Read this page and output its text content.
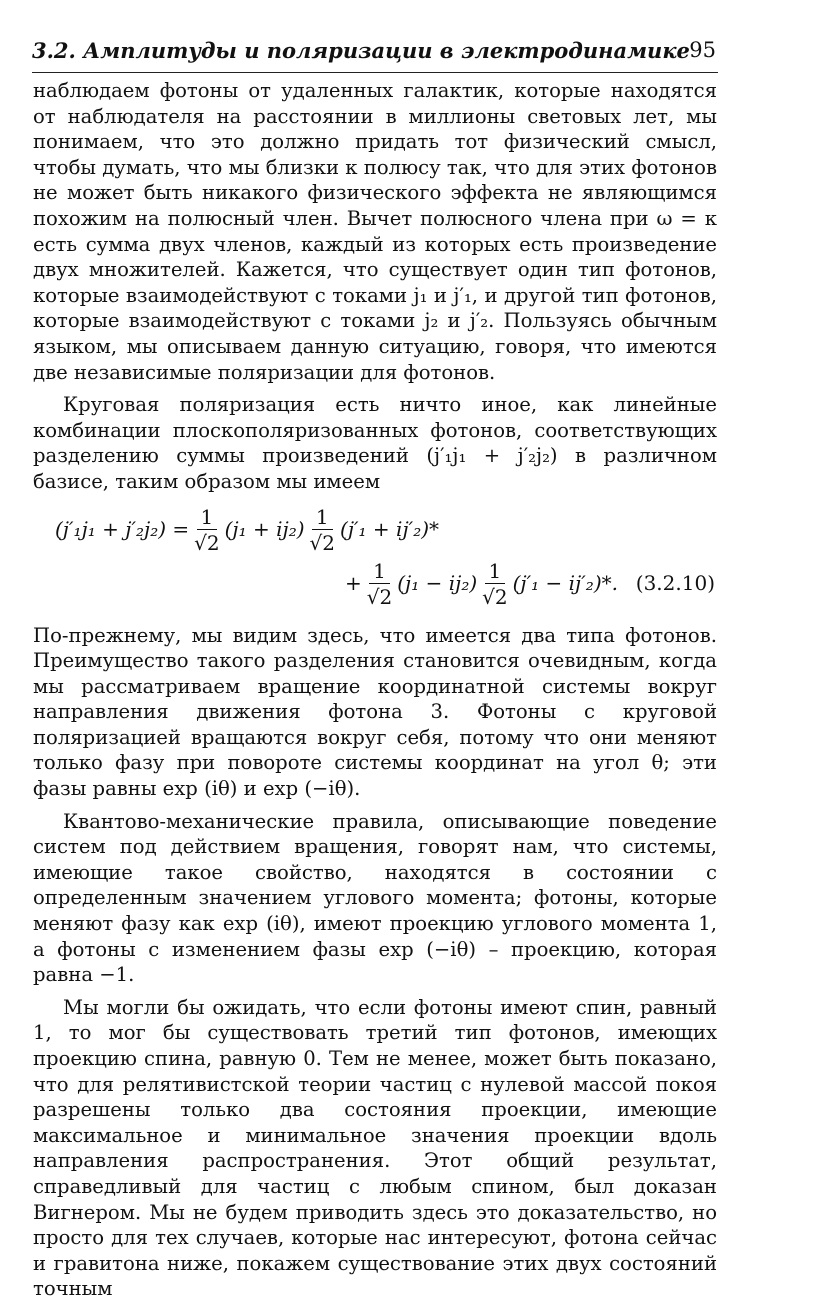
3.2. Амплитуды и поляризации в электродинамике 95

наблюдаем фотоны от удаленных галактик, которые находятся от наблюдателя на расстоянии в миллионы световых лет, мы понимаем, что это должно придать тот физический смысл, чтобы думать, что мы близки к полюсу так, что для этих фотонов не может быть никакого физического эффекта не являющимся похожим на полюсный член. Вычет полюсного члена при ω = κ есть сумма двух членов, каждый из которых есть произведение двух множителей. Кажется, что существует один тип фотонов, которые взаимодействуют с токами j₁ и j′₁, и другой тип фотонов, которые взаимодействуют с токами j₂ и j′₂. Пользуясь обычным языком, мы описываем данную ситуацию, говоря, что имеются две независимые поляризации для фотонов.

Круговая поляризация есть ничто иное, как линейные комбинации плоскополяризованных фотонов, соответствующих разделению суммы произведений (j′₁j₁ + j′₂j₂) в различном базисе, таким образом мы имеем

$(j'_1j_1 + j'_2j_2) = \frac{1}{√2} (j_1 + ij_2) \frac{1}{√2} (j'_1 + ij'_2)*$
+ $\frac{1}{√2} (j_1 - ij_2) \frac{1}{√2} (j'_1 - ij'_2)*$. (3.2.10)

По-прежнему, мы видим здесь, что имеется два типа фотонов. Преимущество такого разделения становится очевидным, когда мы рассматриваем вращение координатной системы вокруг направления движения фотона 3. Фотоны с круговой поляризацией вращаются вокруг себя, потому что они меняют только фазу при повороте системы координат на угол θ; эти фазы равны exp (iθ) и exp (−iθ).

Квантово-механические правила, описывающие поведение систем под действием вращения, говорят нам, что системы, имеющие такое свойство, находятся в состоянии с определенным значением углового момента; фотоны, которые меняют фазу как exp (iθ), имеют проекцию углового момента 1, а фотоны с изменением фазы exp (−iθ) – проекцию, которая равна −1.

Мы могли бы ожидать, что если фотоны имеют спин, равный 1, то мог бы существовать третий тип фотонов, имеющих проекцию спина, равную 0. Тем не менее, может быть показано, что для релятивистской теории частиц с нулевой массой покоя разрешены только два состояния проекции, имеющие максимальное и минимальное значения проекции вдоль направления распространения. Этот общий результат, справедливый для частиц с любым спином, был доказан Вигнером. Мы не будем приводить здесь это доказательство, но просто для тех случаев, которые нас интересуют, фотона сейчас и гравитона ниже, покажем существование этих двух состояний точным
